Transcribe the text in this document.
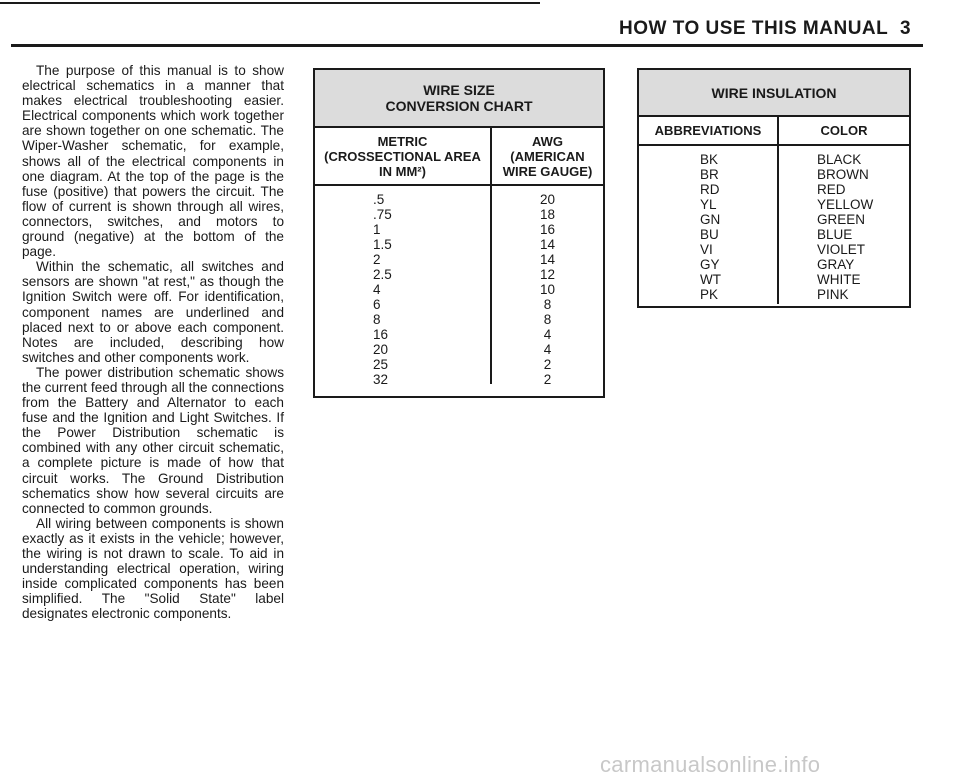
HOW TO USE THIS MANUAL 3

The purpose of this manual is to show electrical schematics in a manner that makes electrical troubleshooting easier. Electrical components which work together are shown together on one schematic. The Wiper-Washer schematic, for example, shows all of the electrical components in one diagram. At the top of the page is the fuse (positive) that powers the circuit. The flow of current is shown through all wires, connectors, switches, and motors to ground (negative) at the bottom of the page.

Within the schematic, all switches and sensors are shown "at rest," as though the Ignition Switch were off. For identification, component names are underlined and placed next to or above each component. Notes are included, describing how switches and other components work.

The power distribution schematic shows the current feed through all the connections from the Battery and Alternator to each fuse and the Ignition and Light Switches. If the Power Distribution schematic is combined with any other circuit schematic, a complete picture is made of how that circuit works. The Ground Distribution schematics show how several circuits are connected to common grounds.

All wiring between components is shown exactly as it exists in the vehicle; however, the wiring is not drawn to scale. To aid in understanding electrical operation, wiring inside complicated components has been simplified. The "Solid State" label designates electronic components.

WIRE SIZE
CONVERSION CHART
METRIC
(CROSSECTIONAL AREA
IN MM²)
AWG
(AMERICAN
WIRE GAUGE)
.5
.75
1
1.5
2
2.5
4
6
8
16
20
25
32
20
18
16
14
14
12
10
8
8
4
4
2
2
WIRE INSULATION
ABBREVIATIONS	COLOR
BK
BR
RD
YL
GN
BU
VI
GY
WT
PK
BLACK
BROWN
RED
YELLOW
GREEN
BLUE
VIOLET
GRAY
WHITE
PINK
carmanualsonline.info
